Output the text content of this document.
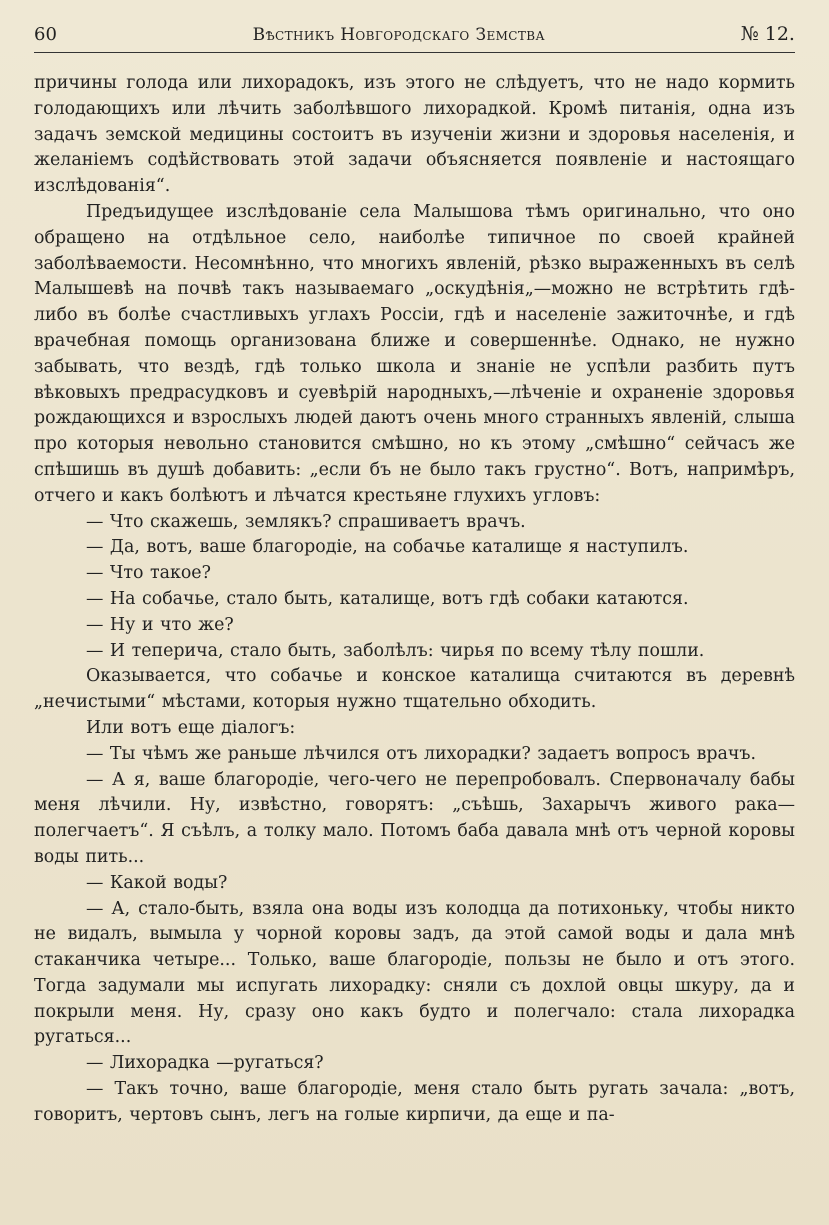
60	Вѣстникъ Новгородскаго Земства	№ 12.

причины голода или лихорадокъ, изъ этого не слѣдуетъ, что не надо кормить голодающихъ или лѣчить заболѣвшого лихорадкой. Кромѣ питанія, одна изъ задачъ земской медицины состоитъ въ изученіи жизни и здоровья населенія, и желаніемъ содѣйствовать этой задачи объясняется появленіе и настоящаго изслѣдованія“.

Предъидущее изслѣдованіе села Малышова тѣмъ оригинально, что оно обращено на отдѣльное село, наиболѣе типичное по своей крайней заболѣваемости. Несомнѣнно, что многихъ явленій, рѣзко выраженныхъ въ селѣ Малышевѣ на почвѣ такъ называемаго „оскудѣнія„—можно не встрѣтить гдѣ-либо въ болѣе счастливыхъ углахъ Россіи, гдѣ и населеніе зажиточнѣе, и гдѣ врачебная помощь организована ближе и совершеннѣе. Однако, не нужно забывать, что вездѣ, гдѣ только школа и знаніе не успѣли разбить путъ вѣковыхъ предрасудковъ и суевѣрій народныхъ,—лѣченіе и охраненіе здоровья рождающихся и взрослыхъ людей даютъ очень много странныхъ явленій, слыша про которыя невольно становится смѣшно, но къ этому „смѣшно“ сейчасъ же спѣшишь въ душѣ добавить: „если бъ не было такъ грустно“. Вотъ, напримѣръ, отчего и какъ болѣютъ и лѣчатся крестьяне глухихъ угловъ:

— Что скажешь, землякъ? спрашиваетъ врачъ.

— Да, вотъ, ваше благородіе, на собачье каталище я наступилъ.

— Что такое?

— На собачье, стало быть, каталище, вотъ гдѣ собаки катаются.

— Ну и что же?

— И теперича, стало быть, заболѣлъ: чирья по всему тѣлу пошли.

Оказывается, что собачье и конское каталища считаются въ деревнѣ „нечистыми“ мѣстами, которыя нужно тщательно обходить.

Или вотъ еще діалогъ:

— Ты чѣмъ же раньше лѣчился отъ лихорадки? задаетъ вопросъ врачъ.

— А я, ваше благородіе, чего-чего не перепробовалъ. Спервоначалу бабы меня лѣчили. Ну, извѣстно, говорятъ: „съѣшь, Захарычъ живого рака—полегчаетъ“. Я съѣлъ, а толку мало. Потомъ баба давала мнѣ отъ черной коровы воды пить...

— Какой воды?

— А, стало-быть, взяла она воды изъ колодца да потихоньку, чтобы никто не видалъ, вымыла у чорной коровы задъ, да этой самой воды и дала мнѣ стаканчика четыре... Только, ваше благородіе, пользы не было и отъ этого. Тогда задумали мы испугать лихорадку: сняли съ дохлой овцы шкуру, да и покрыли меня. Ну, сразу оно какъ будто и полегчало: стала лихорадка ругаться...

— Лихорадка —ругаться?

— Такъ точно, ваше благородіе, меня стало быть ругать зачала: „вотъ, говоритъ, чертовъ сынъ, легъ на голые кирпичи, да еще и па-
